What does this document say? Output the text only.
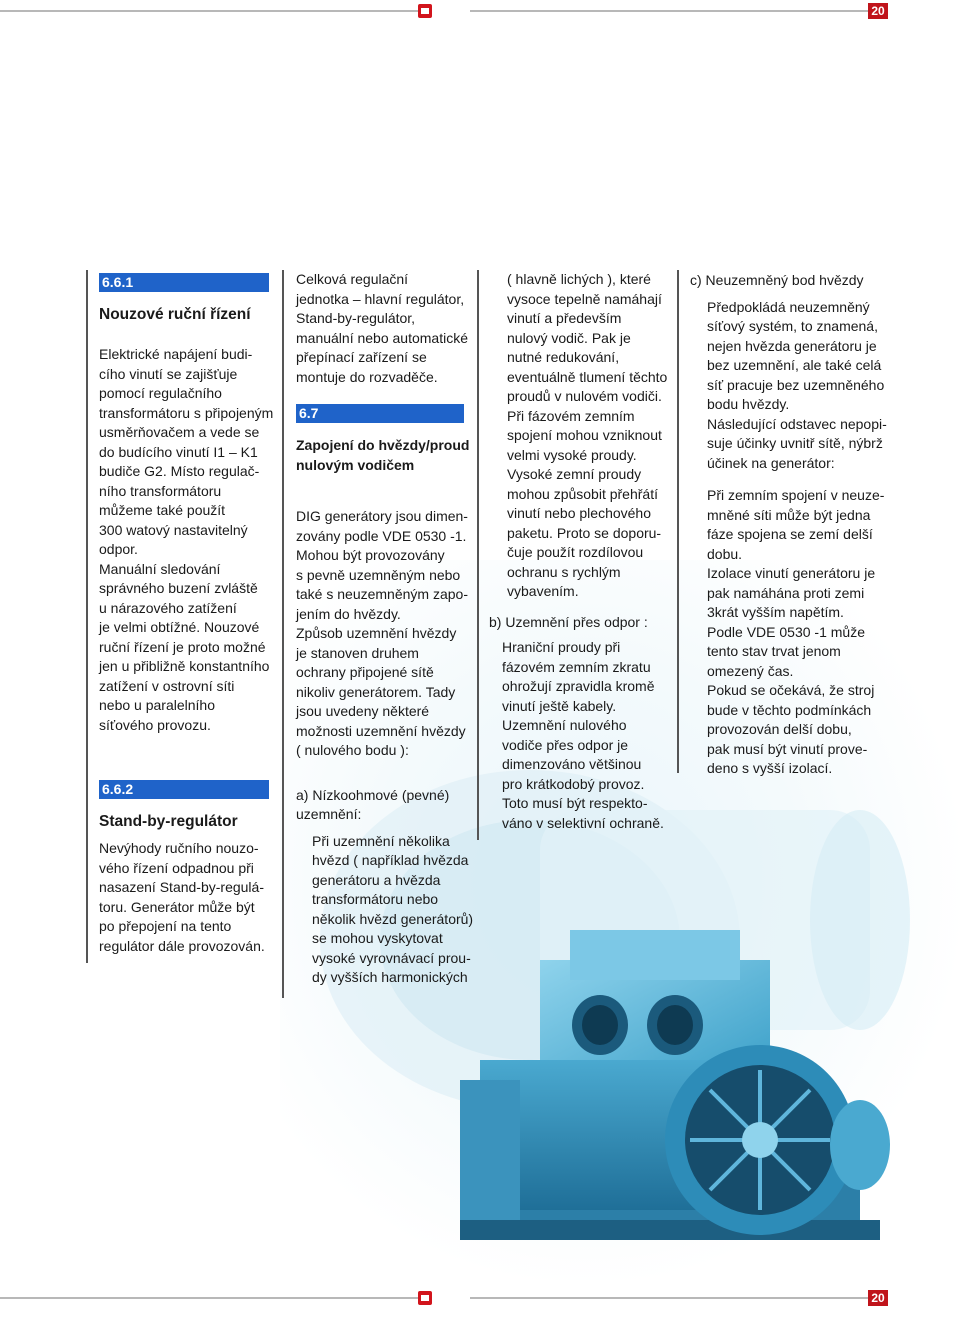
20
6.6.1
Nouzové ruční řízení

Elektrické napájení budi-
cího vinutí se zajišťuje
pomocí regulačního
transformátoru s připojeným
usměrňovačem a vede se
do budícího vinutí I1 – K1
budiče G2. Místo regulač-
ního transformátoru
můžeme také použít
300 watový nastavitelný
odpor.
Manuální sledování
správného buzení zvláště
u nárazového zatížení
je velmi obtížné. Nouzové
ruční řízení je proto možné
jen u přibližně konstantního
zatížení v ostrovní síti
nebo u paralelního
síťového provozu.

6.6.2
Stand-by-regulátor

Nevýhody ručního nouzo-
vého řízení odpadnou při
nasazení Stand-by-regulá-
toru. Generátor může být
po přepojení na tento
regulátor dále provozován.

Celková regulační
jednotka – hlavní regulátor,
Stand-by-regulátor,
manuální nebo automatické
přepínací zařízení se
montuje do rozvaděče.

6.7
Zapojení do hvězdy/proud
nulovým vodičem

DIG generátory jsou dimen-
zovány podle VDE 0530 -1.
Mohou být provozovány
s pevně uzemněným nebo
také s neuzemněným zapo-
jením do hvězdy.
Způsob uzemnění hvězdy
je stanoven druhem
ochrany připojené sítě
nikoliv generátorem. Tady
jsou uvedeny některé
možnosti uzemnění hvězdy
( nulového bodu ):

a) Nízkoohmové (pevné)
uzemnění:

Při uzemnění několika
hvězd ( například hvězda
generátoru a hvězda
transformátoru nebo
několik hvězd generátorů)
se mohou vyskytovat
vysoké vyrovnávací prou-
dy vyšších harmonických

( hlavně lichých ), které
vysoce tepelně namáhají
vinutí a především
nulový vodič. Pak je
nutné redukování,
eventuálně tlumení těchto
proudů v nulovém vodiči.
Při fázovém zemním
spojení mohou vzniknout
velmi vysoké proudy.
Vysoké zemní proudy
mohou způsobit přehřátí
vinutí nebo plechového
paketu. Proto se doporu-
čuje použít rozdílovou
ochranu s rychlým
vybavením.

b) Uzemnění přes odpor :

Hraniční proudy při
fázovém zemním zkratu
ohrožují zpravidla kromě
vinutí ještě kabely.
Uzemnění nulového
vodiče přes odpor je
dimenzováno většinou
pro krátkodobý provoz.
Toto musí být respekto-
váno v selektivní ochraně.

c) Neuzemněný bod hvězdy

Předpokládá neuzemněný
síťový systém, to znamená,
nejen hvězda generátoru je
bez uzemnění, ale také celá
síť pracuje bez uzemněného
bodu hvězdy.
Následující odstavec nepopi-
suje účinky uvnitř sítě, nýbrž
účinek na generátor:

Při zemním spojení v neuze-
mněné síti může být jedna
fáze spojena se zemí delší
dobu.
Izolace vinutí generátoru je
pak namáhána proti zemi
3krát vyšším napětím.
Podle VDE 0530 -1 může
tento stav trvat jenom
omezený čas.
Pokud se očekává, že stroj
bude v těchto podmínkách
provozován delší dobu,
pak musí být vinutí prove-
deno s vyšší izolací.

20
